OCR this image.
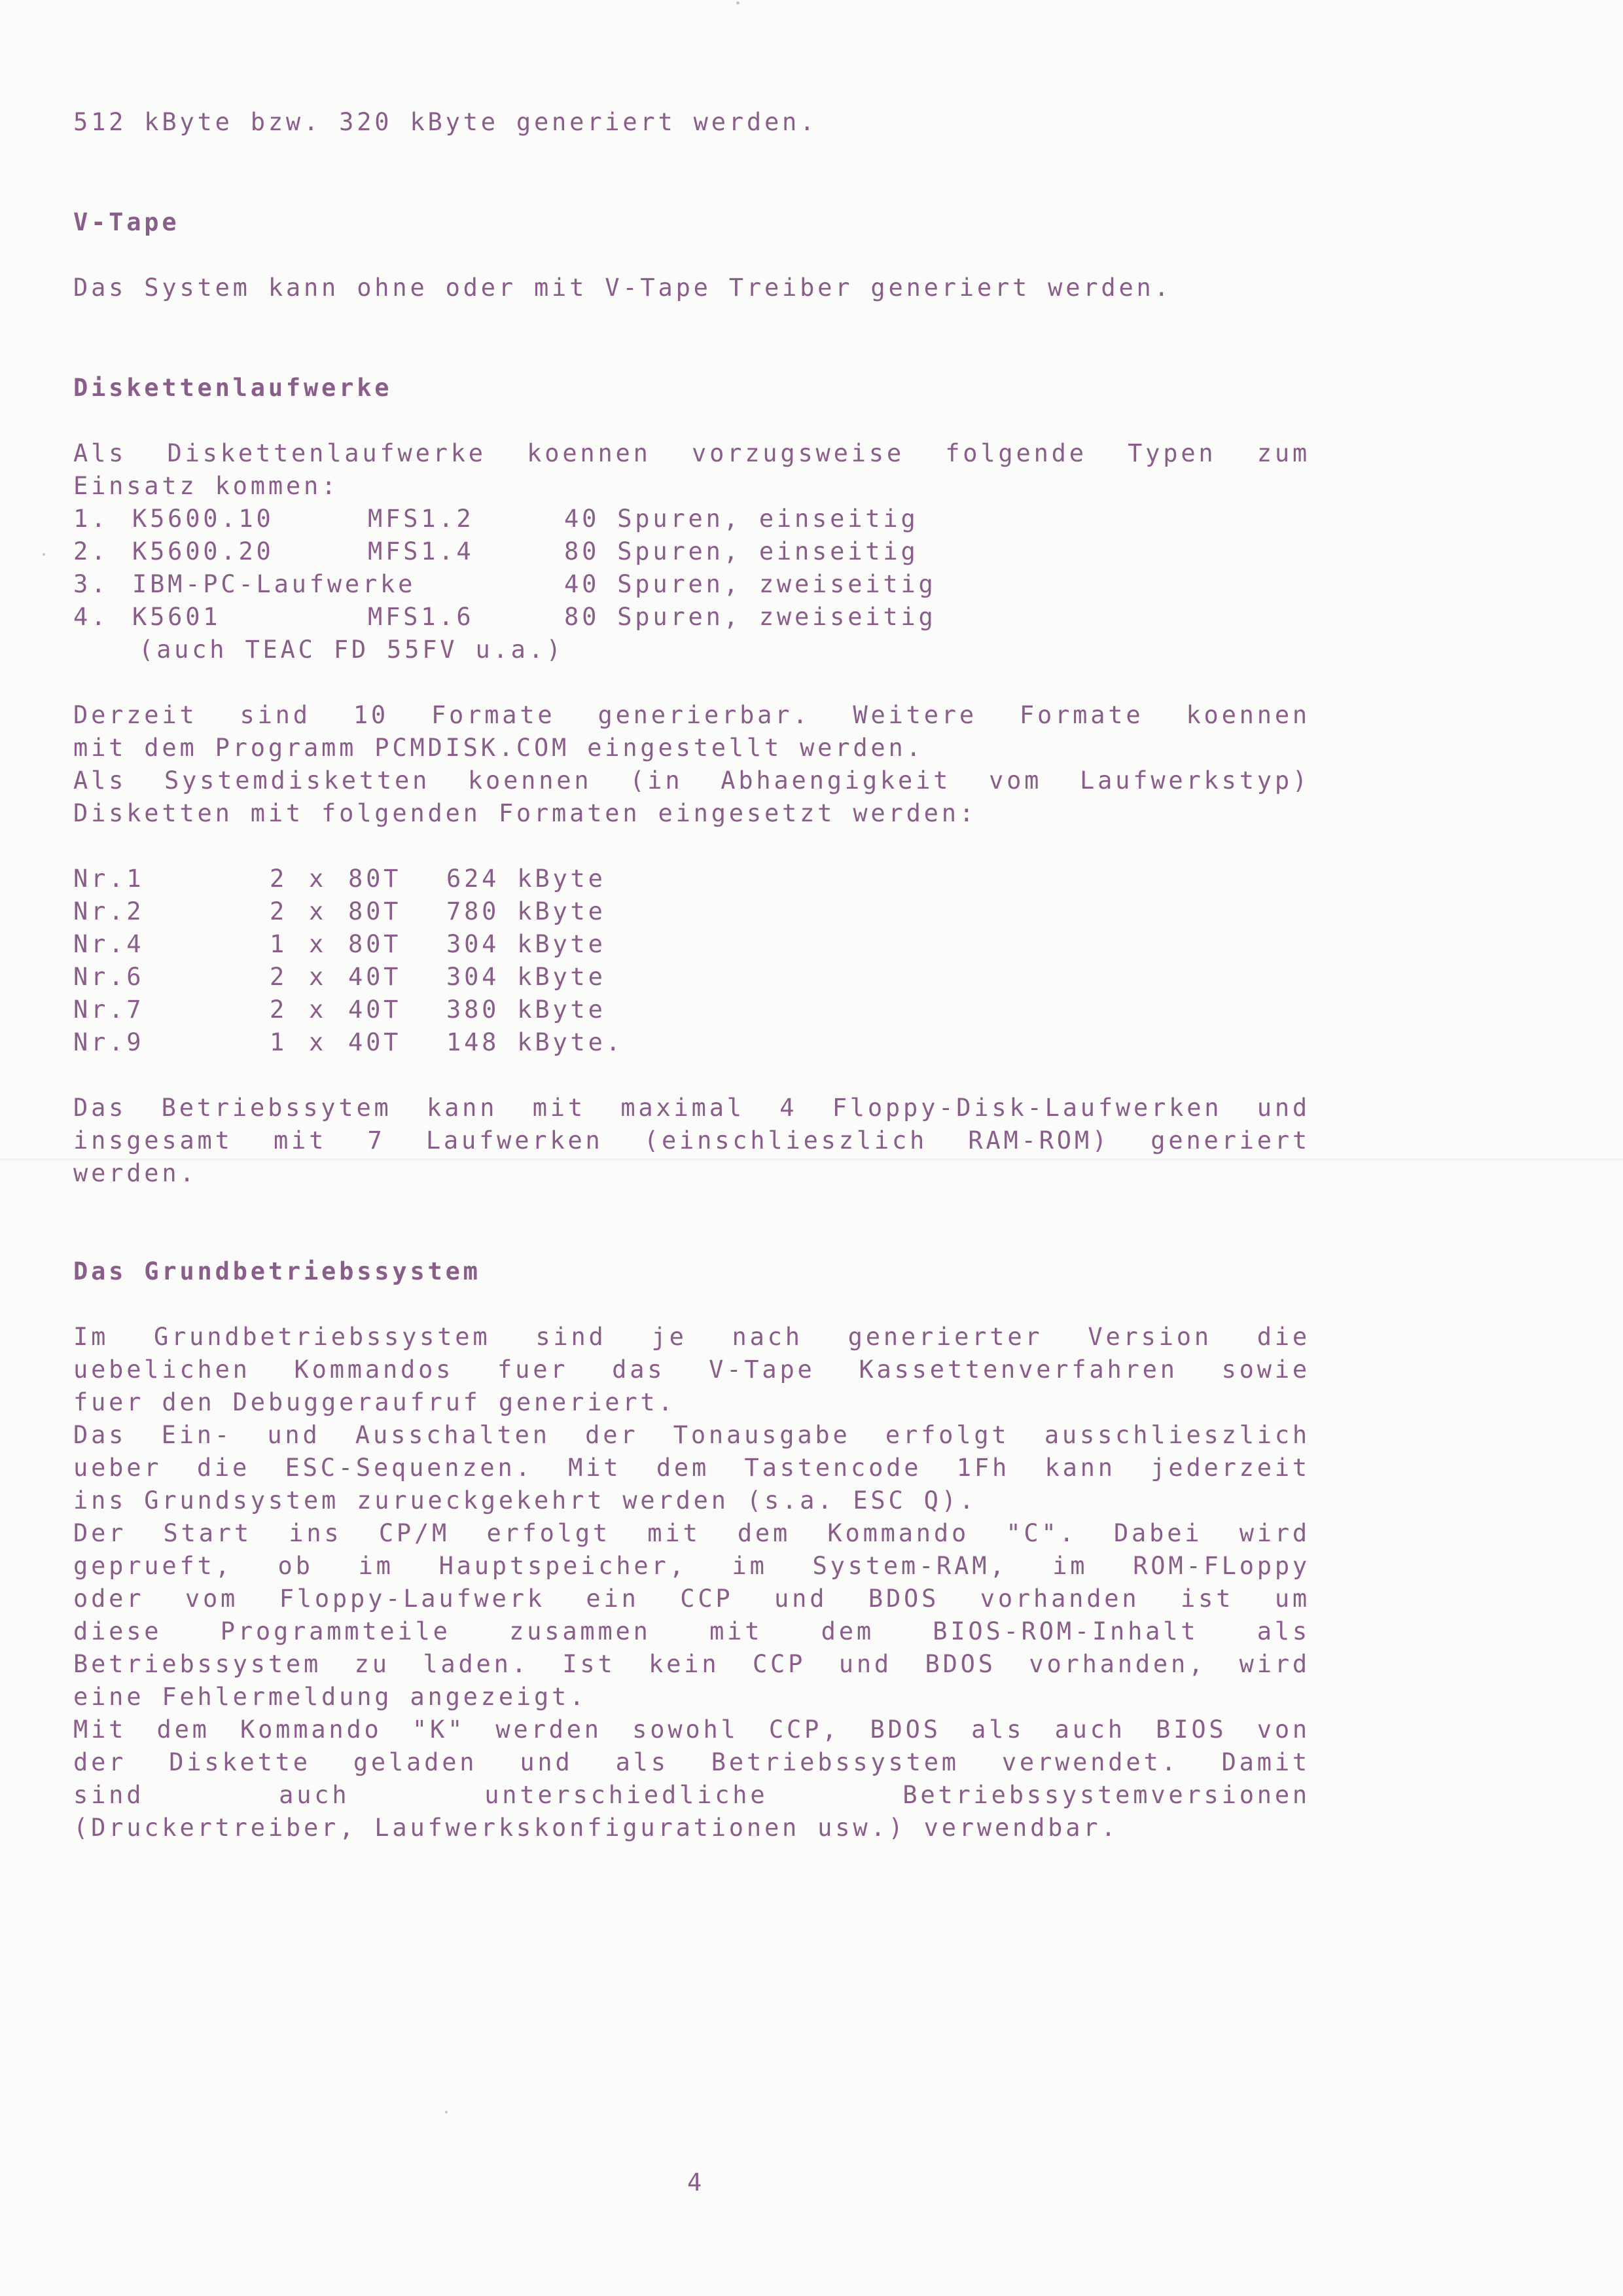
512 kByte bzw. 320 kByte generiert werden.
V-Tape
Das System kann ohne oder mit V-Tape Treiber generiert werden.
Diskettenlaufwerke
Als Diskettenlaufwerke koennen vorzugsweise folgende Typen zum
Einsatz kommen:
1. K5600.10	MFS1.2	40 Spuren, einseitig
2. K5600.20	MFS1.4	80 Spuren, einseitig
3. IBM-PC-Laufwerke	40 Spuren, zweiseitig
4. K5601	MFS1.6	80 Spuren, zweiseitig
(auch TEAC FD 55FV u.a.)
Derzeit sind 10 Formate generierbar. Weitere Formate koennen
mit dem Programm PCMDISK.COM eingestellt werden.
Als Systemdisketten koennen (in Abhaengigkeit vom Laufwerkstyp)
Disketten mit folgenden Formaten eingesetzt werden:
Nr.1	2 x 80T 624 kByte
Nr.2	2 x 80T 780 kByte
Nr.4	1 x 80T 304 kByte
Nr.6	2 x 40T 304 kByte
Nr.7	2 x 40T 380 kByte
Nr.9	1 x 40T 148 kByte.
Das Betriebssytem kann mit maximal 4 Floppy-Disk-Laufwerken und
insgesamt mit 7 Laufwerken (einschlieszlich RAM-ROM) generiert
werden.
Das Grundbetriebssystem
Im Grundbetriebssystem sind je nach generierter Version die
uebelichen Kommandos fuer das V-Tape Kassettenverfahren sowie
fuer den Debuggeraufruf generiert.
Das Ein- und Ausschalten der Tonausgabe erfolgt ausschlieszlich
ueber die ESC-Sequenzen. Mit dem Tastencode 1Fh kann jederzeit
ins Grundsystem zurueckgekehrt werden (s.a. ESC Q).
Der Start ins CP/M erfolgt mit dem Kommando "C". Dabei wird
geprueft, ob im Hauptspeicher, im System-RAM, im ROM-FLoppy
oder vom Floppy-Laufwerk ein CCP und BDOS vorhanden ist um
diese Programmteile zusammen mit dem BIOS-ROM-Inhalt als
Betriebssystem zu laden. Ist kein CCP und BDOS vorhanden, wird
eine Fehlermeldung angezeigt.
Mit dem Kommando "K" werden sowohl CCP, BDOS als auch BIOS von
der Diskette geladen und als Betriebssystem verwendet. Damit
sind auch unterschiedliche Betriebssystemversionen
(Druckertreiber, Laufwerkskonfigurationen usw.) verwendbar.
4
